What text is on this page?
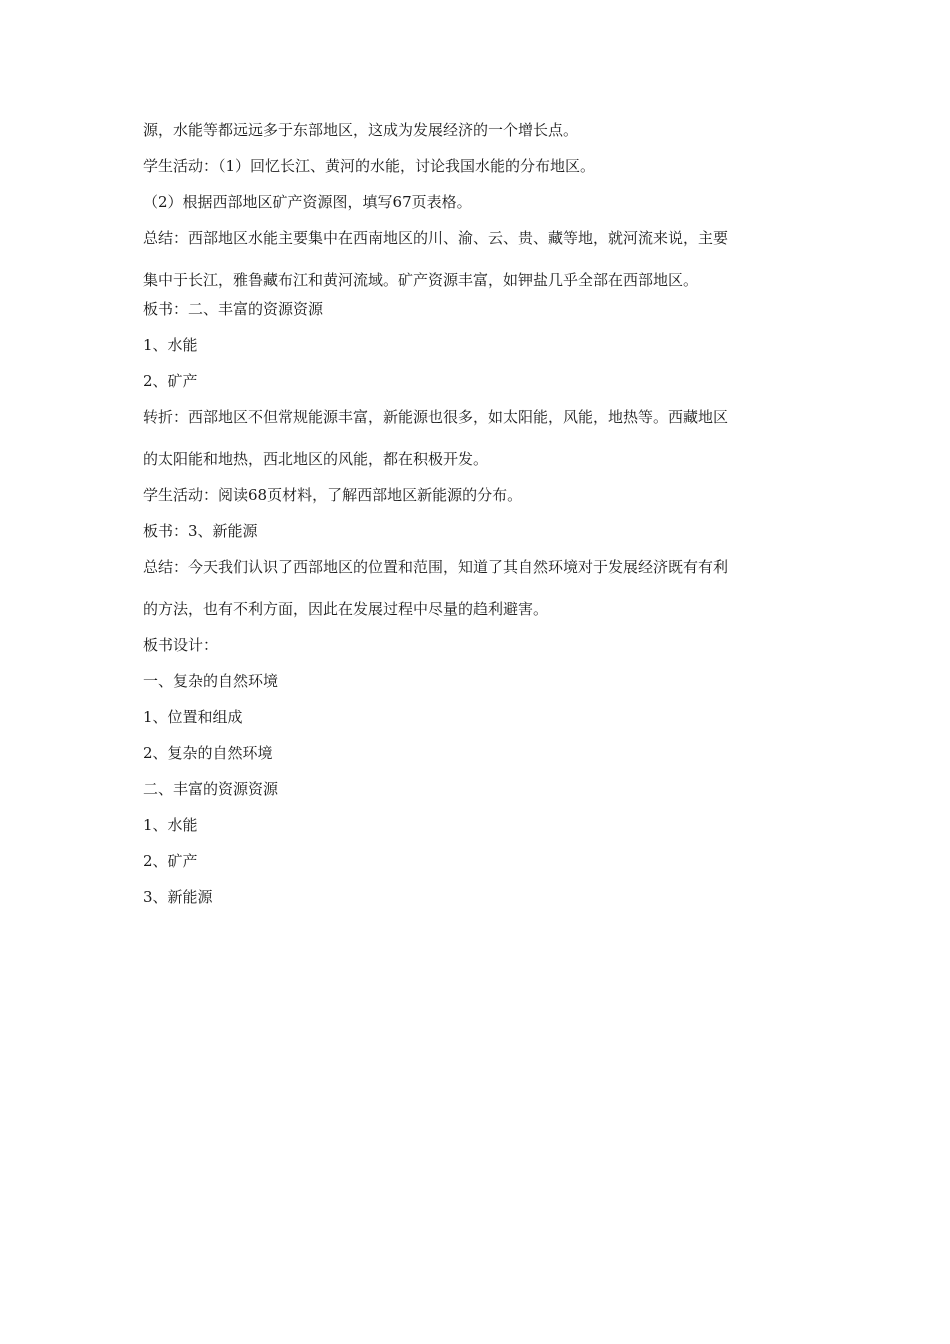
源，水能等都远远多于东部地区，这成为发展经济的一个增长点。

学生活动：（1）回忆长江、黄河的水能，讨论我国水能的分布地区。

（2）根据西部地区矿产资源图，填写67页表格。

总结：西部地区水能主要集中在西南地区的川、渝、云、贵、藏等地，就河流来说，主要

集中于长江，雅鲁藏布江和黄河流域。矿产资源丰富，如钾盐几乎全部在西部地区。

板书：二、丰富的资源资源

1、水能

2、矿产

转折：西部地区不但常规能源丰富，新能源也很多，如太阳能，风能，地热等。西藏地区

的太阳能和地热，西北地区的风能，都在积极开发。

学生活动：阅读68页材料，了解西部地区新能源的分布。

板书：3、新能源

总结：今天我们认识了西部地区的位置和范围，知道了其自然环境对于发展经济既有有利

的方法，也有不利方面，因此在发展过程中尽量的趋利避害。

板书设计：

一、复杂的自然环境

1、位置和组成

2、复杂的自然环境

二、丰富的资源资源

1、水能

2、矿产

3、新能源
